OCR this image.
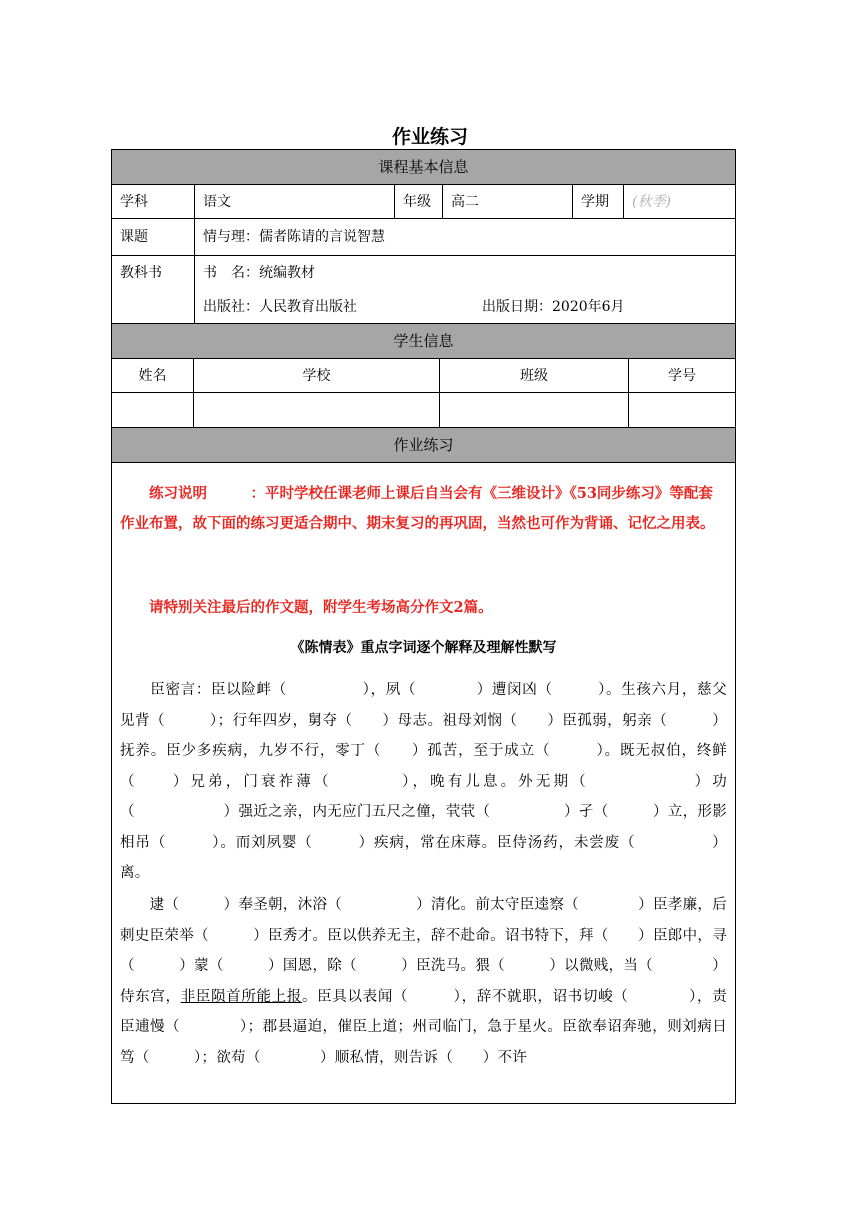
作业练习
课程基本信息
学科	语文	年级	高二	学期	(秋季)
课题	情与理：儒者陈请的言说智慧
教科书	书　名：统编教材
出版社：人民教育出版社	出版日期：2020年6月
学生信息
姓名	学校	班级	学号
作业练习
练习说明　　　：平时学校任课老师上课后自当会有《三维设计》《53同步练习》等配套作业布置，故下面的练习更适合期中、期末复习的再巩固，当然也可作为背诵、记忆之用表。
请特别关注最后的作文题，附学生考场高分作文2篇。
《陈情表》重点字词逐个解释及理解性默写
　　臣密言：臣以险衅（　　　　　），夙（　　　　）遭闵凶（　　　）。生孩六月，慈父见背（　　　）；行年四岁，舅夺（　　）母志。祖母刘悯（　　）臣孤弱，躬亲（　　　）抚养。臣少多疾病，九岁不行，零丁（　　）孤苦，至于成立（　　　）。既无叔伯，终鲜（　　）兄弟，门衰祚薄（　　　　），晚有儿息。外无期（　　　　　　）功（　　　　　　）强近之亲，内无应门五尺之僮，茕茕（　　　　　）孑（　　　）立，形影相吊（　　　）。而刘夙婴（　　　）疾病，常在床蓐。臣侍汤药，未尝废（　　　　　）离。
　　逮（　　　）奉圣朝，沐浴（　　　　　）清化。前太守臣逵察（　　　　）臣孝廉，后刺史臣荣举（　　　）臣秀才。臣以供养无主，辞不赴命。诏书特下，拜（　　）臣郎中，寻（　　　）蒙（　　　）国恩，除（　　　）臣洗马。猥（　　　）以微贱，当（　　　　）侍东宫，非臣陨首所能上报。臣具以表闻（　　　），辞不就职，诏书切峻（　　　　），责臣逋慢（　　　　）；郡县逼迫，催臣上道；州司临门，急于星火。臣欲奉诏奔驰，则刘病日笃（　　　）；欲苟（　　　　）顺私情，则告诉（　　）不许
